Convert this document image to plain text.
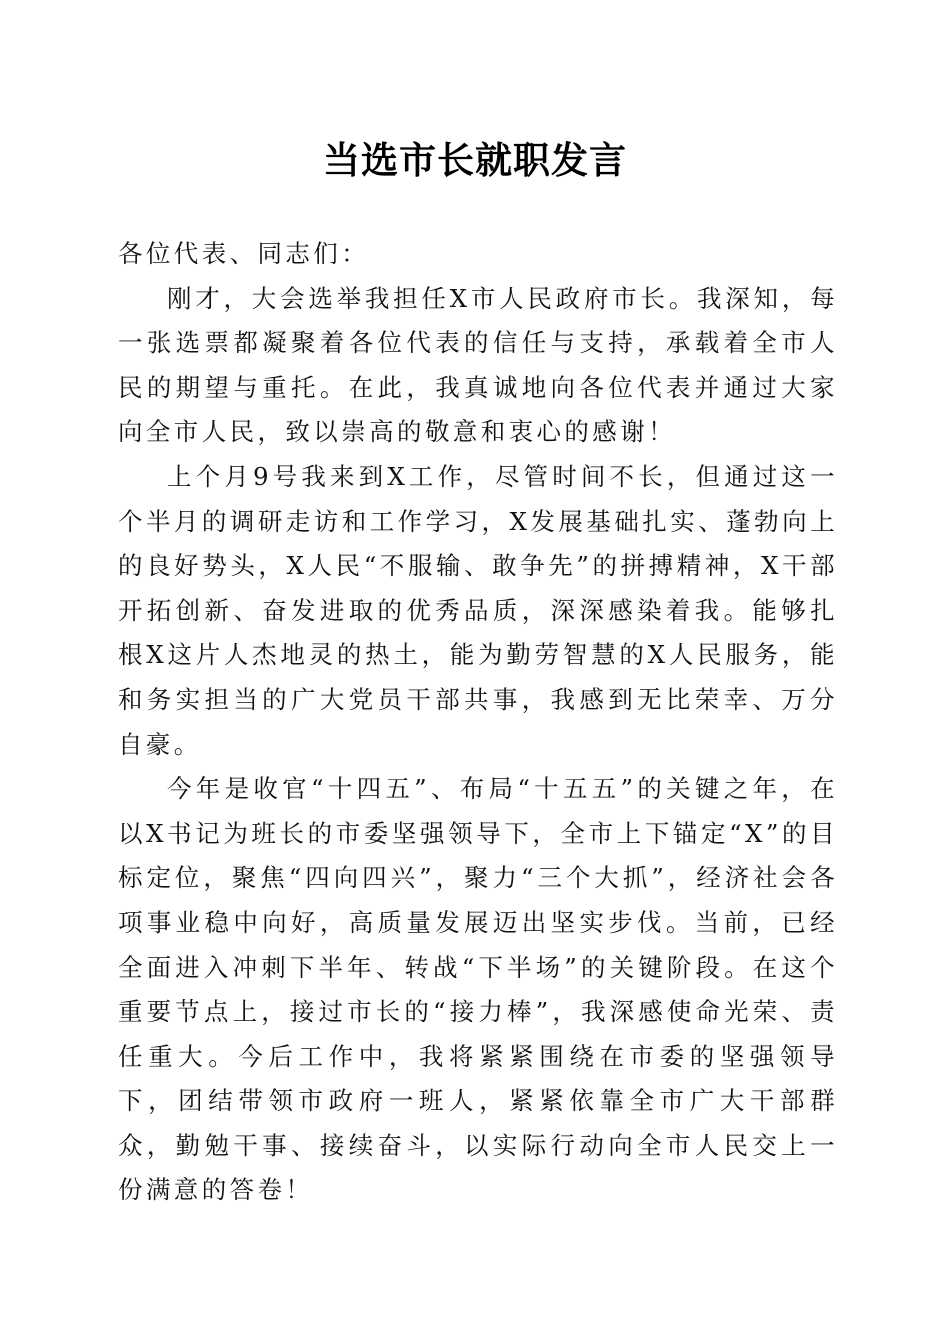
当选市长就职发言

各位代表、同志们：

刚才，大会选举我担任X市人民政府市长。我深知，每一张选票都凝聚着各位代表的信任与支持，承载着全市人民的期望与重托。在此，我真诚地向各位代表并通过大家向全市人民，致以崇高的敬意和衷心的感谢！

上个月9号我来到X工作，尽管时间不长，但通过这一个半月的调研走访和工作学习，X发展基础扎实、蓬勃向上的良好势头，X人民“不服输、敢争先”的拼搏精神，X干部开拓创新、奋发进取的优秀品质，深深感染着我。能够扎根X这片人杰地灵的热土，能为勤劳智慧的X人民服务，能和务实担当的广大党员干部共事，我感到无比荣幸、万分自豪。

今年是收官“十四五”、布局“十五五”的关键之年，在以X书记为班长的市委坚强领导下，全市上下锚定“X”的目标定位，聚焦“四向四兴”，聚力“三个大抓”，经济社会各项事业稳中向好，高质量发展迈出坚实步伐。当前，已经全面进入冲刺下半年、转战“下半场”的关键阶段。在这个重要节点上，接过市长的“接力棒”，我深感使命光荣、责任重大。今后工作中，我将紧紧围绕在市委的坚强领导下，团结带领市政府一班人，紧紧依靠全市广大干部群众，勤勉干事、接续奋斗，以实际行动向全市人民交上一份满意的答卷！
